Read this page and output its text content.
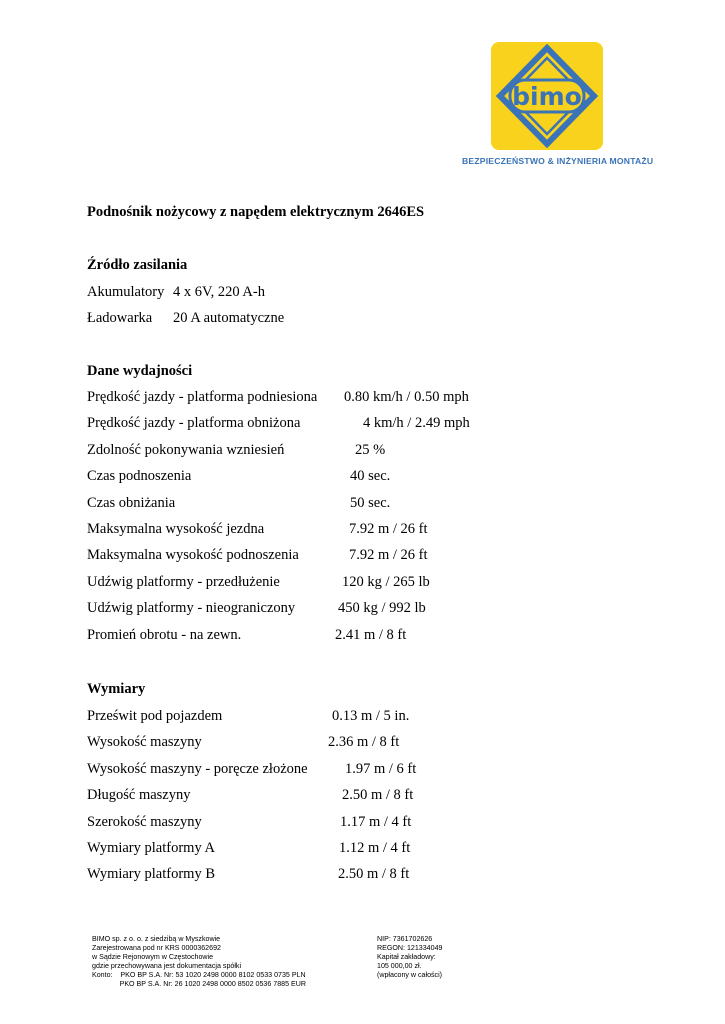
bimo
BEZPIECZEŃSTWO & INŻYNIERIA MONTAŻU
Podnośnik nożycowy z napędem elektrycznym 2646ES
Źródło zasilania
Akumulatory 4 x 6V, 220 A-h
Ładowarka 20 A automatyczne
Dane wydajności
Prędkość jazdy - platforma podniesiona 0.80 km/h / 0.50 mph
Prędkość jazdy - platforma obniżona	4 km/h / 2.49 mph
Zdolność pokonywania wzniesień	25 %
Czas podnoszenia	40 sec.
Czas obniżania	50 sec.
Maksymalna wysokość jezdna	7.92 m / 26 ft
Maksymalna wysokość podnoszenia	7.92 m / 26 ft
Udźwig platformy - przedłużenie	120 kg / 265 lb
Udźwig platformy - nieograniczony	450 kg / 992 lb
Promień obrotu - na zewn.	2.41 m / 8 ft
Wymiary
Prześwit pod pojazdem	0.13 m / 5 in.
Wysokość maszyny	2.36 m / 8 ft
Wysokość maszyny - poręcze złożone	1.97 m / 6 ft
Długość maszyny	2.50 m / 8 ft
Szerokość maszyny	1.17 m / 4 ft
Wymiary platformy A	1.12 m / 4 ft
Wymiary platformy B	2.50 m / 8 ft
BIMO sp. z o. o. z siedzibą w Myszkowie
Zarejestrowana pod nr KRS 0000362692
w Sądzie Rejonowym w Częstochowie
gdzie przechowywana jest dokumentacja spółki
Konto:    PKO BP S.A. Nr: 53 1020 2498 0000 8102 0533 0735 PLN
PKO BP S.A. Nr: 26 1020 2498 0000 8502 0536 7885 EUR
NIP: 7361702626
REGON: 121334049
Kapitał zakładowy:
105 000,00 zł.
(wpłacony w całości)
